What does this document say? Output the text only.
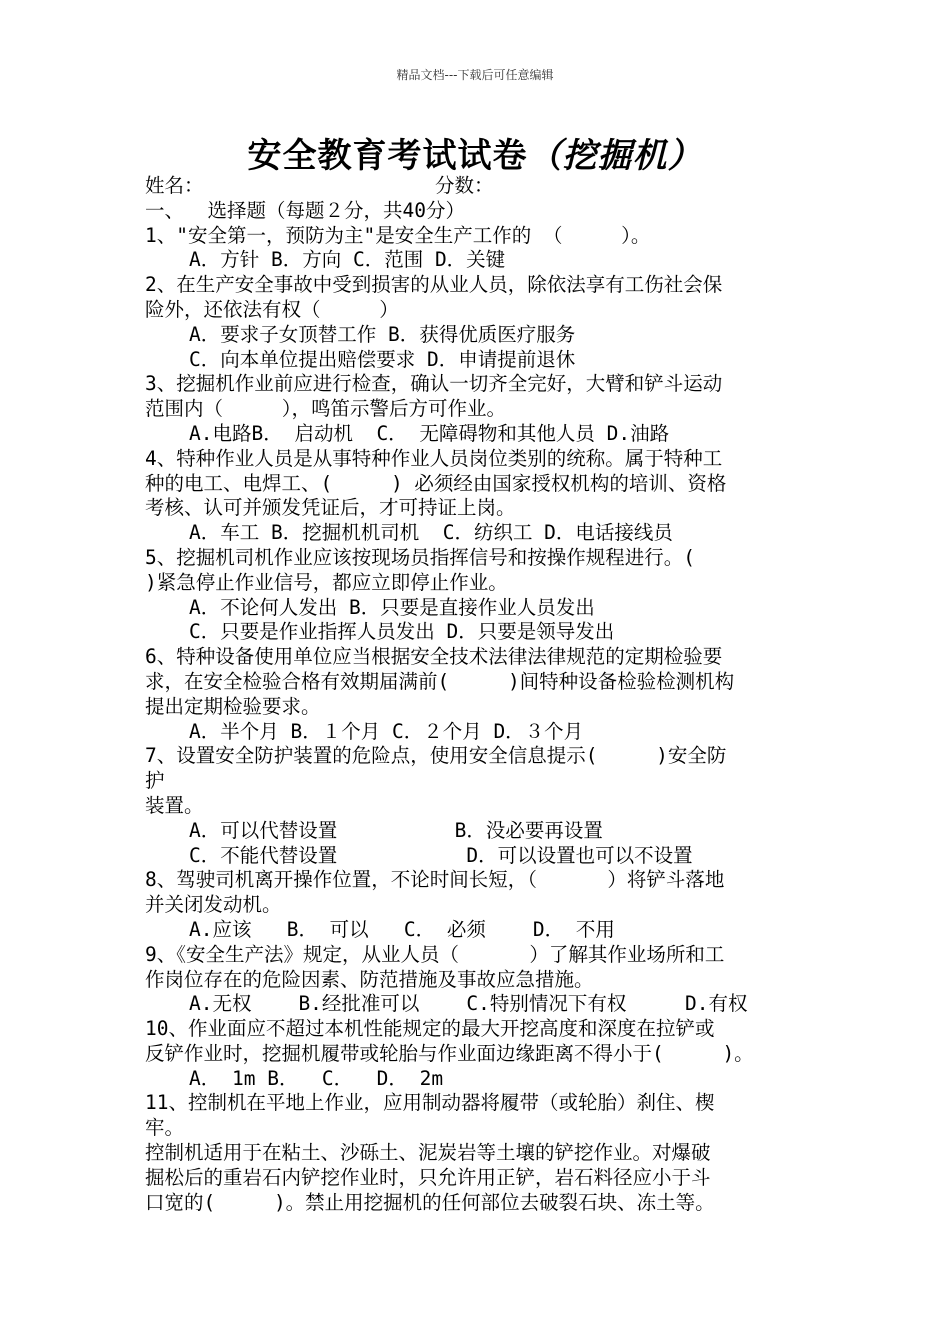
精品文档---下载后可任意编辑
安全教育考试试卷（挖掘机）
姓名：	分数：
一、  选择题（每题２分，共40分）
1、"安全第一，预防为主"是安全生产工作的 （     ）。
A．方针 B．方向 C．范围 D．关键
2、在生产安全事故中受到损害的从业人员，除依法享有工伤社会保
险外，还依法有权（     ）
A．要求子女顶替工作 B．获得优质医疗服务
C．向本单位提出赔偿要求 D．申请提前退休
3、挖掘机作业前应进行检查，确认一切齐全完好，大臂和铲斗运动
范围内（     ），鸣笛示警后方可作业。
A.电路B． 启动机  C． 无障碍物和其他人员 D.油路
4、特种作业人员是从事特种作业人员岗位类别的统称。属于特种工
种的电工、电焊工、(     ) 必须经由国家授权机构的培训、资格
考核、认可并颁发凭证后，才可持证上岗。
A．车工 B．挖掘机机司机  C．纺织工 D．电话接线员
5、挖掘机司机作业应该按现场员指挥信号和按操作规程进行。(
)紧急停止作业信号，都应立即停止作业。
A．不论何人发出 B．只要是直接作业人员发出
C．只要是作业指挥人员发出 D．只要是领导发出
6、特种设备使用单位应当根据安全技术法律法律规范的定期检验要
求，在安全检验合格有效期届满前(     )间特种设备检验检测机构
提出定期检验要求。
A．半个月 B．１个月 C．２个月 D．３个月
7、设置安全防护装置的危险点，使用安全信息提示(     )安全防
护
装置。
A．可以代替设置          B．没必要再设置
C．不能代替设置           D．可以设置也可以不设置
8、驾驶司机离开操作位置，不论时间长短，（      ）将铲斗落地
并关闭发动机。
A.应该   B． 可以   C． 必须    D． 不用
9、《安全生产法》规定，从业人员（      ）了解其作业场所和工
作岗位存在的危险因素、防范措施及事故应急措施。
A.无权    B.经批准可以    C.特别情况下有权     D.有权
10、作业面应不超过本机性能规定的最大开挖高度和深度在拉铲或
反铲作业时，挖掘机履带或轮胎与作业面边缘距离不得小于(     )。
A． 1m B．  C．  D． 2m
11、控制机在平地上作业，应用制动器将履带（或轮胎）刹住、楔
牢。
控制机适用于在粘土、沙砾土、泥炭岩等土壤的铲挖作业。对爆破
掘松后的重岩石内铲挖作业时，只允许用正铲，岩石料径应小于斗
口宽的(     )。禁止用挖掘机的任何部位去破裂石块、冻土等。
